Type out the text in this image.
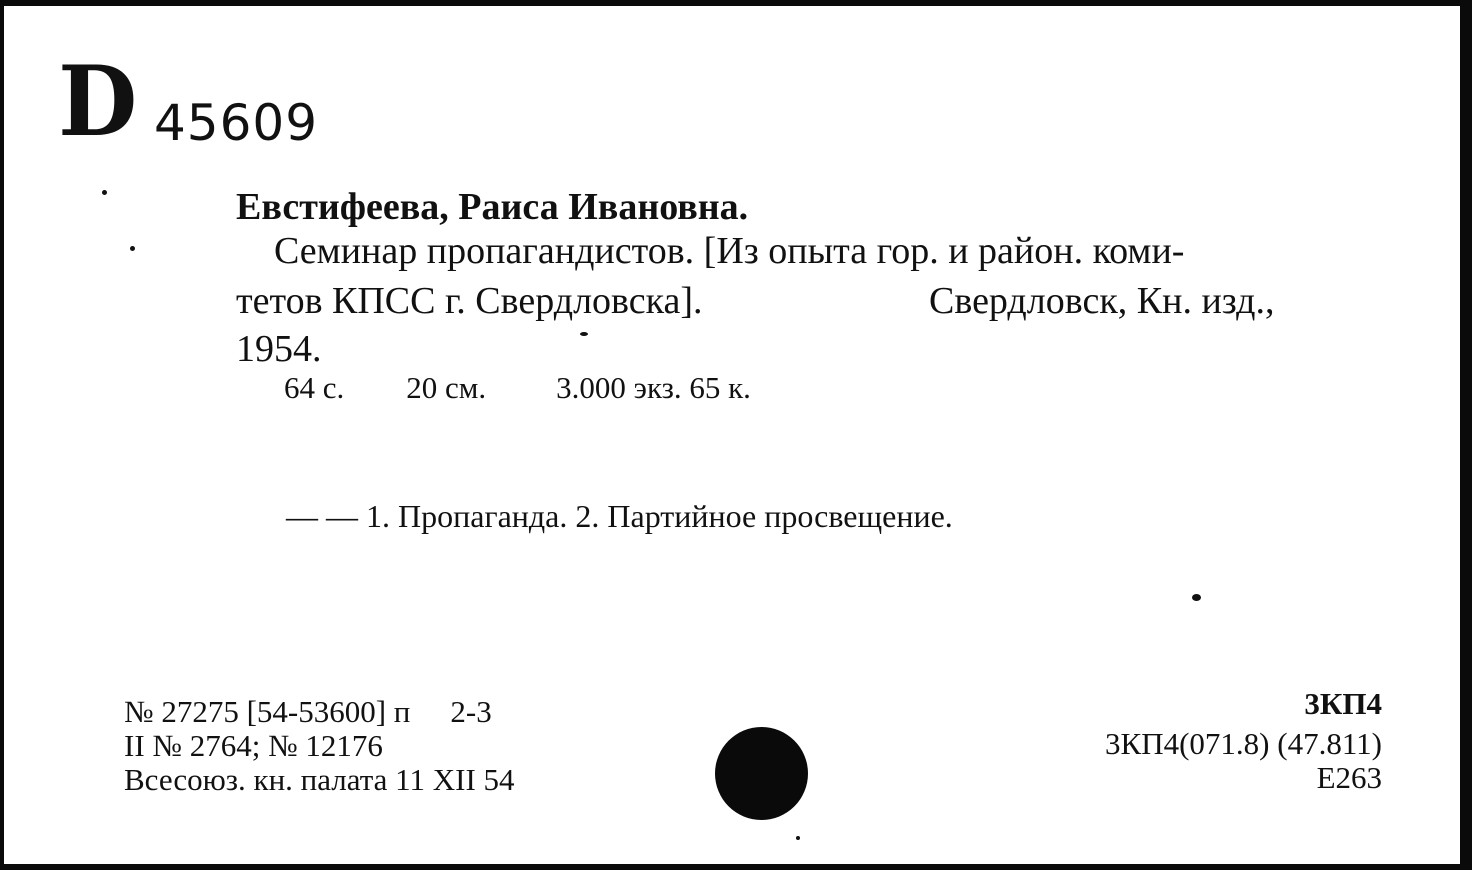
D 45609
Евстифеева, Раиса Ивановна.
Семинар пропагандистов. [Из опыта гор. и район. коми-
тетов КПСС г. Свердловска].	Свердловск, Кн. изд.,
1954.
64 с. 20 см. 3.000 экз. 65 к.
— — 1. Пропаганда. 2. Партийное просвещение.
№ 27275 [54-53600] п 2-3
II № 2764; № 12176
Всесоюз. кн. палата 11 XII 54
3КП4
3КП4(071.8) (47.811)
Е263
